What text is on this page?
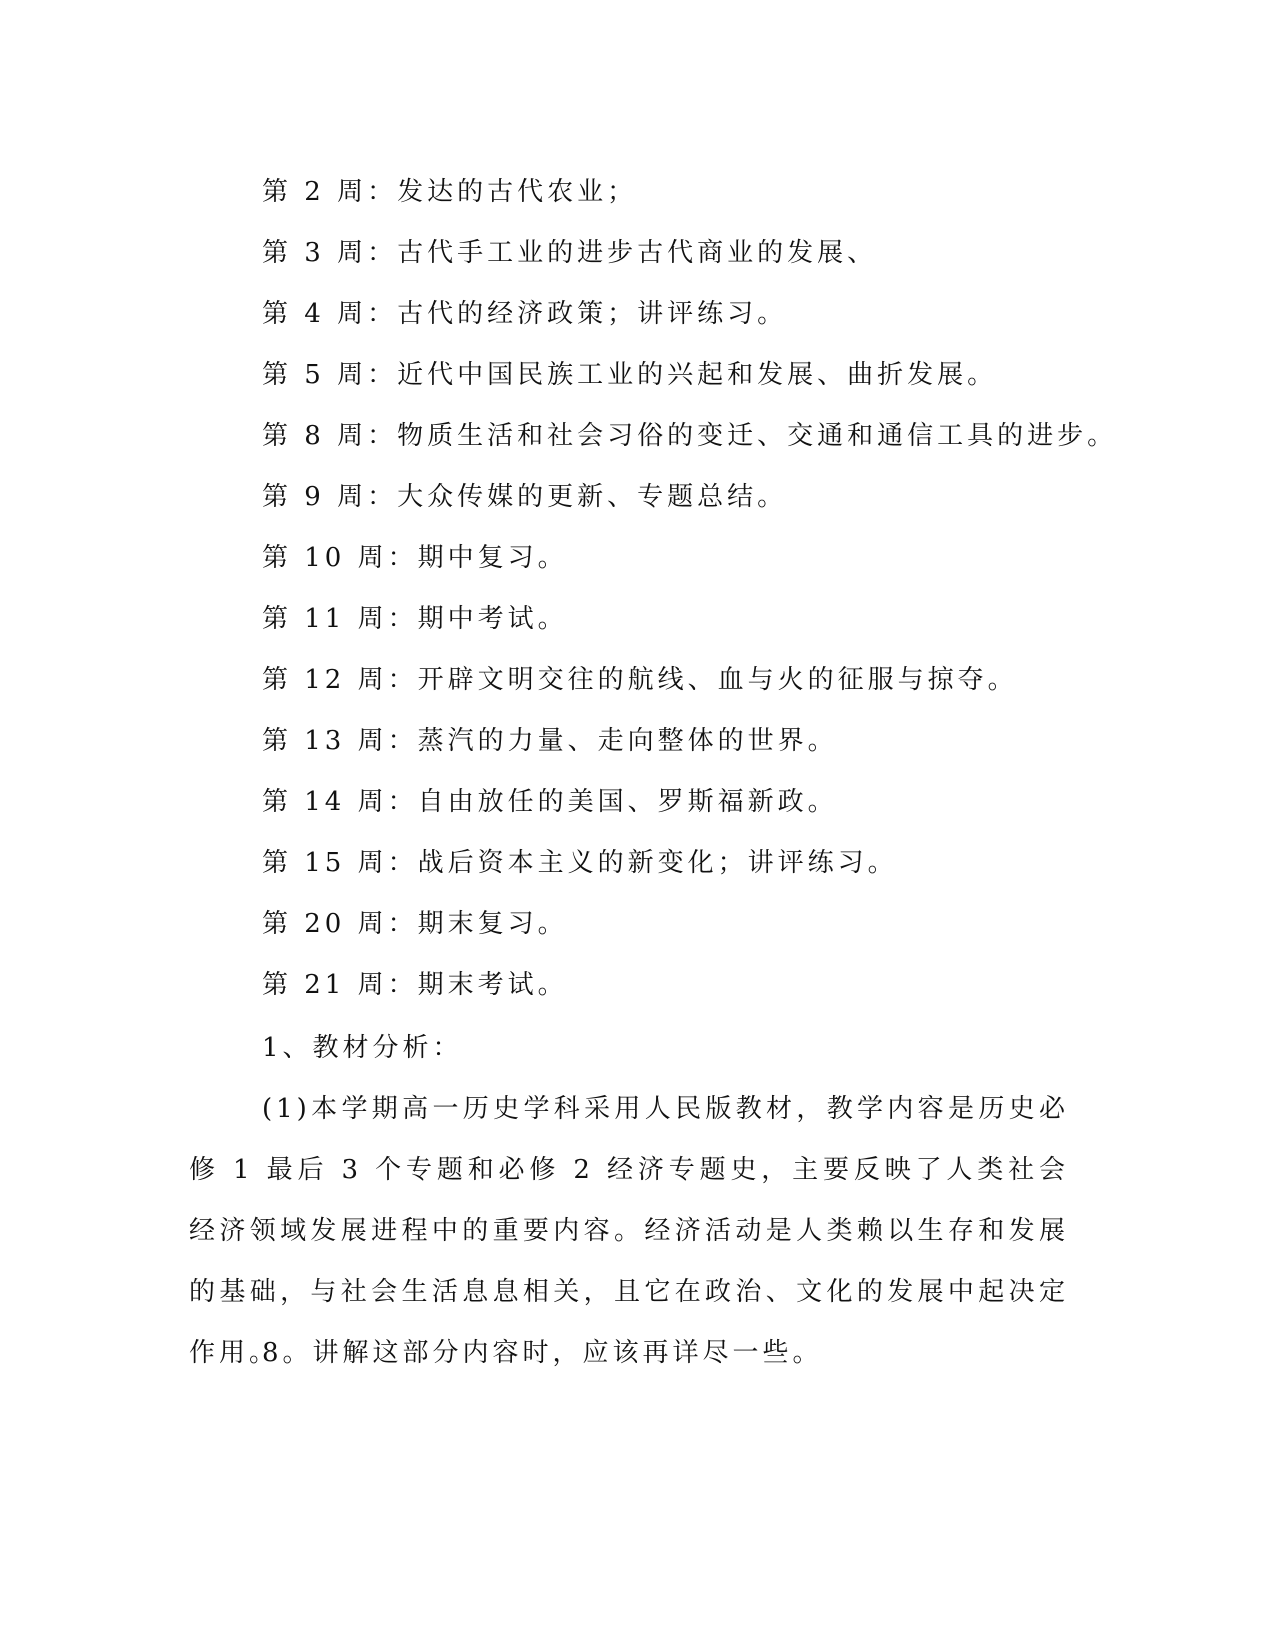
第 2 周：发达的古代农业；
第 3 周：古代手工业的进步古代商业的发展、
第 4 周：古代的经济政策；讲评练习。
第 5 周：近代中国民族工业的兴起和发展、曲折发展。
第 8 周：物质生活和社会习俗的变迁、交通和通信工具的进步。
第 9 周：大众传媒的更新、专题总结。
第 10 周：期中复习。
第 11 周：期中考试。
第 12 周：开辟文明交往的航线、血与火的征服与掠夺。
第 13 周：蒸汽的力量、走向整体的世界。
第 14 周：自由放任的美国、罗斯福新政。
第 15 周：战后资本主义的新变化；讲评练习。
第 20 周：期末复习。
第 21 周：期末考试。
1、教材分析：

(1)本学期高一历史学科采用人民版教材，教学内容是历史必修 1 最后 3 个专题和必修 2 经济专题史，主要反映了人类社会经济领域发展进程中的重要内容。经济活动是人类赖以生存和发展的基础，与社会生活息息相关，且它在政治、文化的发展中起决定作用。

8。讲解这部分内容时，应该再详尽一些。
